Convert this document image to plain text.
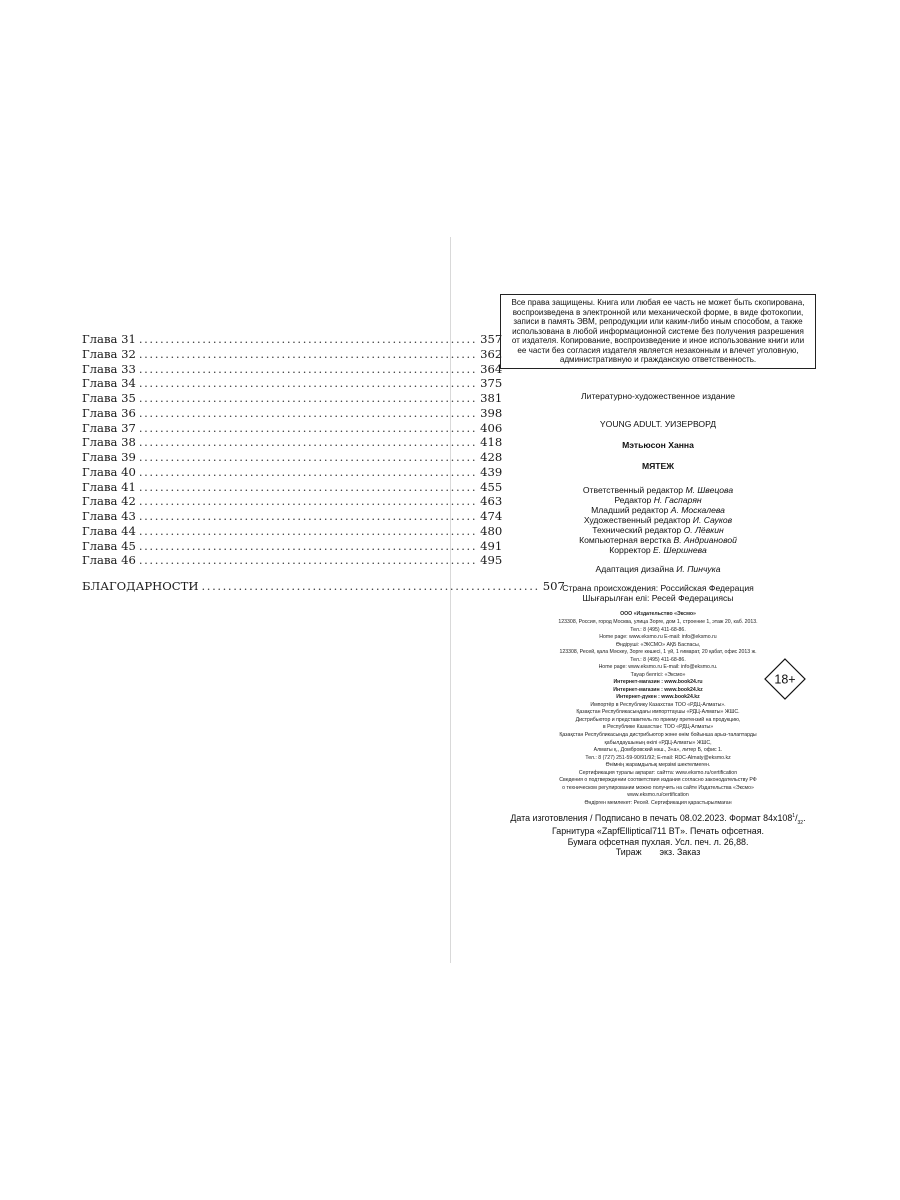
Глава 31 ................................................................ 357
Глава 32 ................................................................ 362
Глава 33 ................................................................ 364
Глава 34 ................................................................ 375
Глава 35 ................................................................ 381
Глава 36 ................................................................ 398
Глава 37 ................................................................ 406
Глава 38 ................................................................ 418
Глава 39 ................................................................ 428
Глава 40 ................................................................ 439
Глава 41 ................................................................ 455
Глава 42 ................................................................ 463
Глава 43 ................................................................ 474
Глава 44 ................................................................ 480
Глава 45 ................................................................ 491
Глава 46 ................................................................ 495
БЛАГОДАРНОСТИ ................................................................ 507
Все права защищены. Книга или любая ее часть не может быть скопирована, воспроизведена в электронной или механической форме, в виде фотокопии, записи в память ЭВМ, репродукции или каким-либо иным способом, а также использована в любой информационной системе без получения разрешения от издателя. Копирование, воспроизведение и иное использование книги или ее части без согласия издателя является незаконным и влечет уголовную, административную и гражданскую ответственность.
Литературно-художественное издание
YOUNG ADULT. УИЗЕРВОРД
Мэтьюсон Ханна
МЯТЕЖ
Ответственный редактор М. Швецова
Редактор Н. Гаспарян
Младший редактор А. Москалева
Художественный редактор И. Сауков
Технический редактор О. Лёвкин
Компьютерная верстка В. Андриановой
Корректор Е. Шершнева
Адаптация дизайна И. Пинчука
Страна происхождения: Российская Федерация
Шығарылған елі: Ресей Федерациясы
ООО «Издательство «Эксмо»
123308, Россия, город Москва, улица Зорге, дом 1, строение 1, этаж 20, каб. 2013.
Тел.: 8 (495) 411-68-86.
Home page: www.eksmo.ru E-mail: info@eksmo.ru
Өндіруші: «ЭКСМО» АҚБ Баспасы,
123308, Ресей, қала Мәскеу, Зорге көшесі, 1 үй, 1 ғимарат, 20 қабат, офис 2013 ж.
Тел.: 8 (495) 411-68-86.
Home page: www.eksmo.ru E-mail: info@eksmo.ru.
Тауар белгісі: «Эксмо»
Интернет-магазин : www.book24.ru
Интернет-магазин : www.book24.kz
Интернет-дүкен : www.book24.kz
Импортёр в Республику Казахстан ТОО «РДЦ-Алматы».
Қазақстан Республикасындағы импорттаушы «РДЦ-Алматы» ЖШС.
Дистрибьютор и представитель по приему претензий на продукцию,
в Республике Казахстан: ТОО «РДЦ-Алматы»
Қазақстан Республикасында дистрибьютор және өнім бойынша арыз-талаптарды
қабылдаушының өкілі «РДЦ-Алматы» ЖШС,
Алматы қ., Домбровский көш., 3«а», литер Б, офис 1.
Тел.: 8 (727) 251-59-90/91/92; E-mail: RDC-Almaty@eksmo.kz
Өнімнің жарамдылық мерзімі шектелмеген.
Сертификация туралы ақпарат: сайтта: www.eksmo.ru/certification
Сведения о подтверждении соответствия издания согласно законодательству РФ
о техническом регулировании можно получить на сайте Издательства «Эксмо»
www.eksmo.ru/certification
Өндірген мемлекет: Ресей. Сертификация қарастырылмаған
Дата изготовления / Подписано в печать 08.02.2023. Формат $84x108^1/_{32}$.
Гарнитура «ZapfElliptical711 BT». Печать офсетная.
Бумага офсетная пухлая. Усл. печ. л. 26,88.
Тираж экз. Заказ
18+
